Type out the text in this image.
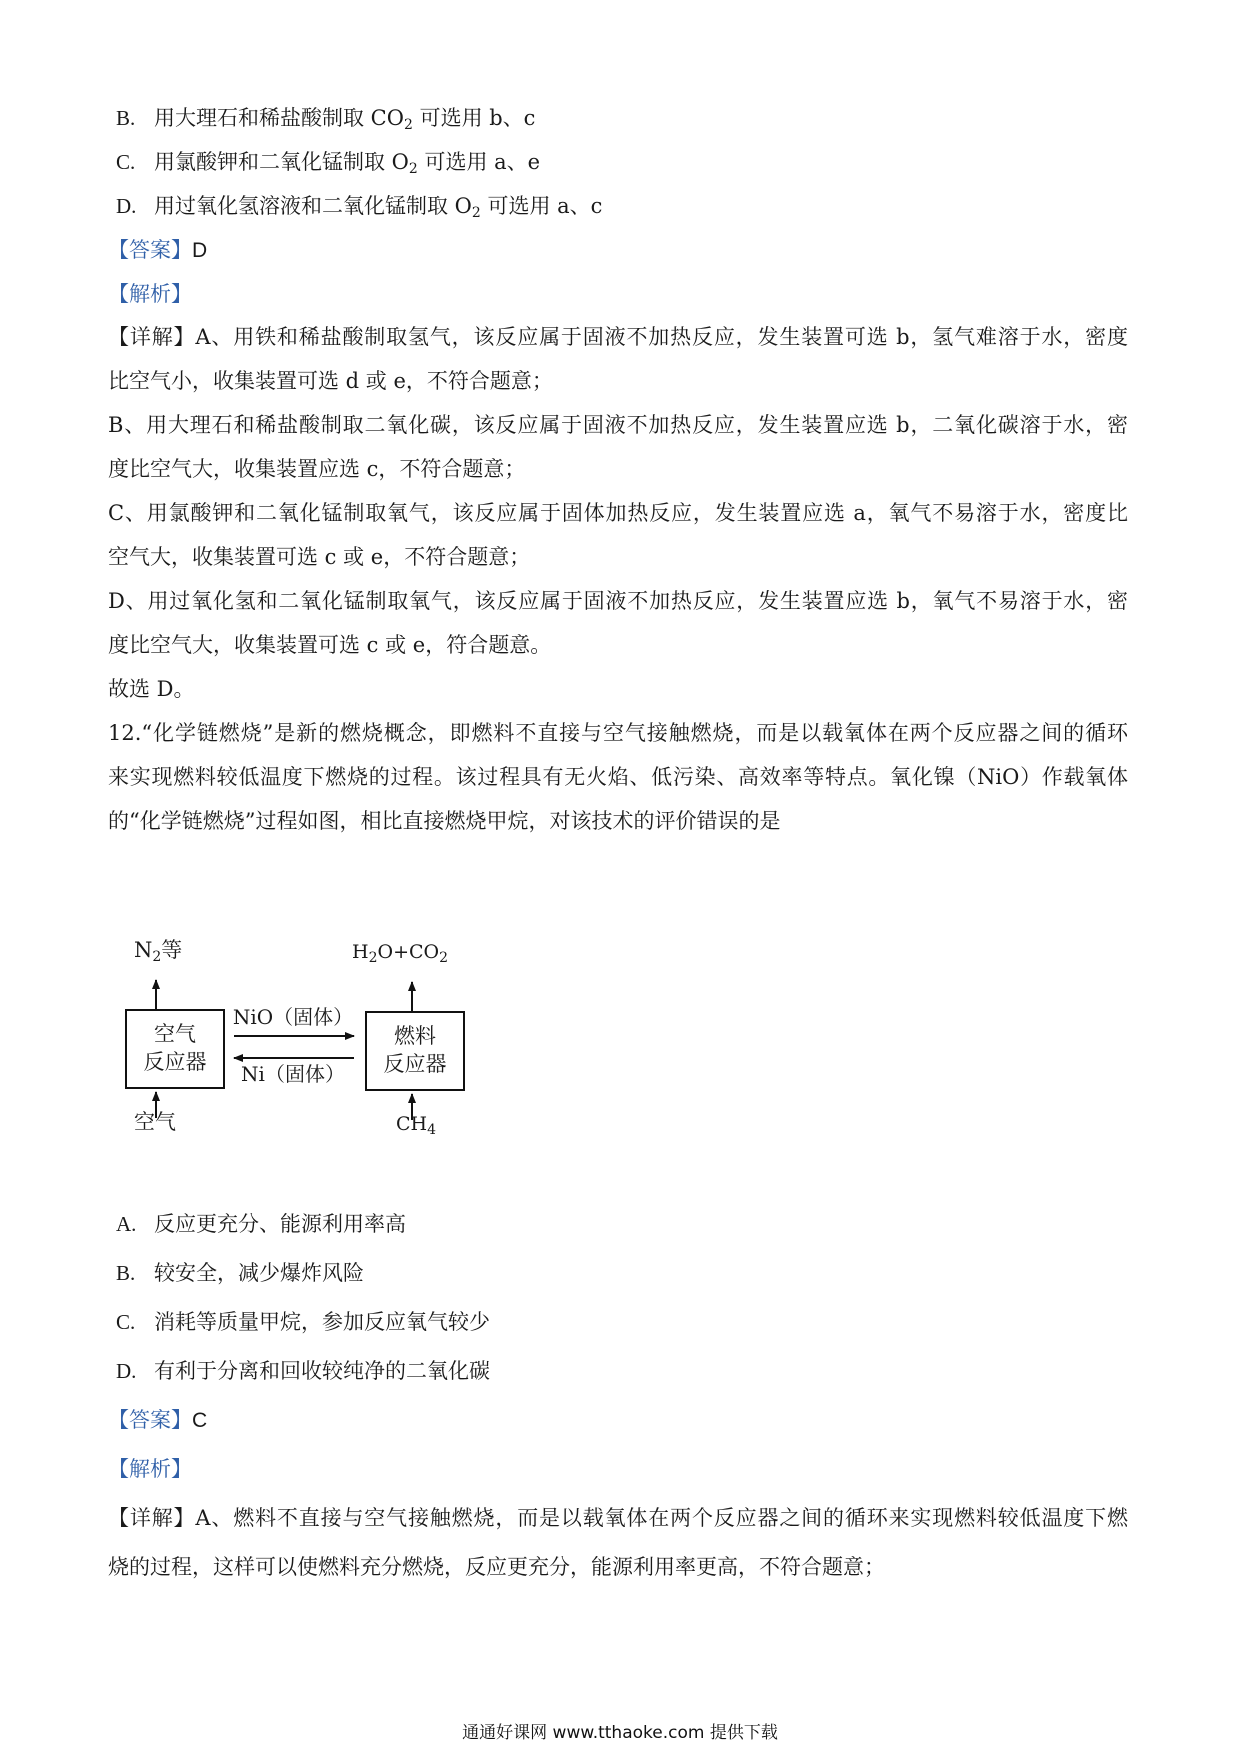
B. 用大理石和稀盐酸制取 $CO_2$ 可选用 b、c
C. 用氯酸钾和二氧化锰制取 $O_2$ 可选用 a、e
D. 用过氧化氢溶液和二氧化锰制取 $O_2$ 可选用 a、c
【答案】D
【解析】
【详解】A、用铁和稀盐酸制取氢气，该反应属于固液不加热反应，发生装置可选 b，氢气难溶于水，密度
比空气小，收集装置可选 d 或 e，不符合题意；
B、用大理石和稀盐酸制取二氧化碳，该反应属于固液不加热反应，发生装置应选 b，二氧化碳溶于水，密
度比空气大，收集装置应选 c，不符合题意；
C、用氯酸钾和二氧化锰制取氧气，该反应属于固体加热反应，发生装置应选 a，氧气不易溶于水，密度比
空气大，收集装置可选 c 或 e，不符合题意；
D、用过氧化氢和二氧化锰制取氧气，该反应属于固液不加热反应，发生装置应选 b，氧气不易溶于水，密
度比空气大，收集装置可选 c 或 e，符合题意。
故选 D。
12.“化学链燃烧”是新的燃烧概念，即燃料不直接与空气接触燃烧，而是以载氧体在两个反应器之间的循环
来实现燃料较低温度下燃烧的过程。该过程具有无火焰、低污染、高效率等特点。氧化镍（NiO）作载氧体
的“化学链燃烧”过程如图，相比直接燃烧甲烷，对该技术的评价错误的是
$N_2$等	$H_2O+CO_2$
空气
反应器
燃料
反应器
NiO（固体）
Ni（固体）
空气	$CH_4$
A. 反应更充分、能源利用率高
B. 较安全，减少爆炸风险
C. 消耗等质量甲烷，参加反应氧气较少
D. 有利于分离和回收较纯净的二氧化碳
【答案】C
【解析】
【详解】A、燃料不直接与空气接触燃烧，而是以载氧体在两个反应器之间的循环来实现燃料较低温度下燃
烧的过程，这样可以使燃料充分燃烧，反应更充分，能源利用率更高，不符合题意；
通通好课网 www.tthaoke.com 提供下载
